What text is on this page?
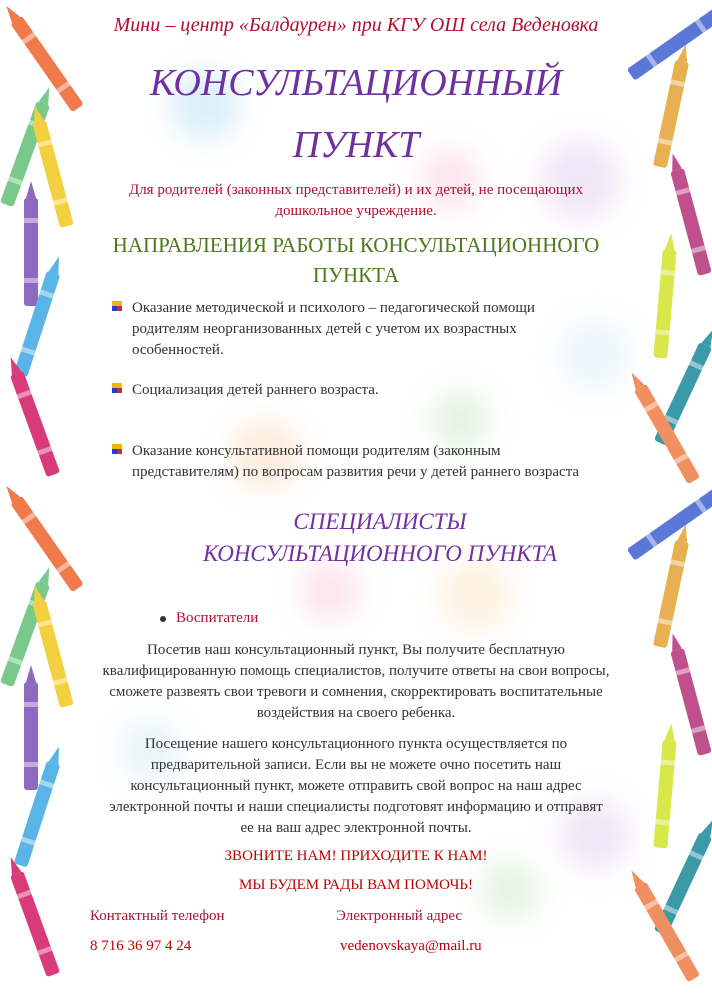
Мини – центр «Балдаурен» при КГУ ОШ села Веденовка

КОНСУЛЬТАЦИОННЫЙ
ПУНКТ
Для родителей (законных представителей) и их детей, не посещающих
дошкольное учреждение.
НАПРАВЛЕНИЯ РАБОТЫ КОНСУЛЬТАЦИОННОГО
ПУНКТА
Оказание методической и психолого – педагогической помощи
родителям неорганизованных детей с учетом их возрастных
особенностей.
Социализация детей раннего возраста.
Оказание консультативной помощи родителям (законным
представителям) по вопросам развития речи у детей раннего возраста
СПЕЦИАЛИСТЫ
КОНСУЛЬТАЦИОННОГО ПУНКТА
Воспитатели
Посетив наш консультационный пункт, Вы получите бесплатную
квалифицированную помощь специалистов, получите ответы на свои вопросы,
сможете развеять свои тревоги и сомнения, скорректировать воспитательные
воздействия на своего ребенка.
Посещение нашего консультационного пункта осуществляется по
предварительной записи. Если вы не можете очно посетить наш
консультационный пункт, можете отправить свой вопрос на наш адрес
электронной почты и наши специалисты подготовят информацию и отправят
ее на ваш адрес электронной почты.
ЗВОНИТЕ НАМ! ПРИХОДИТЕ К НАМ!
МЫ БУДЕМ РАДЫ ВАМ ПОМОЧЬ!
Контактный телефон	Электронный адрес
8 716 36 97 4 24	vedenovskaya@mail.ru
